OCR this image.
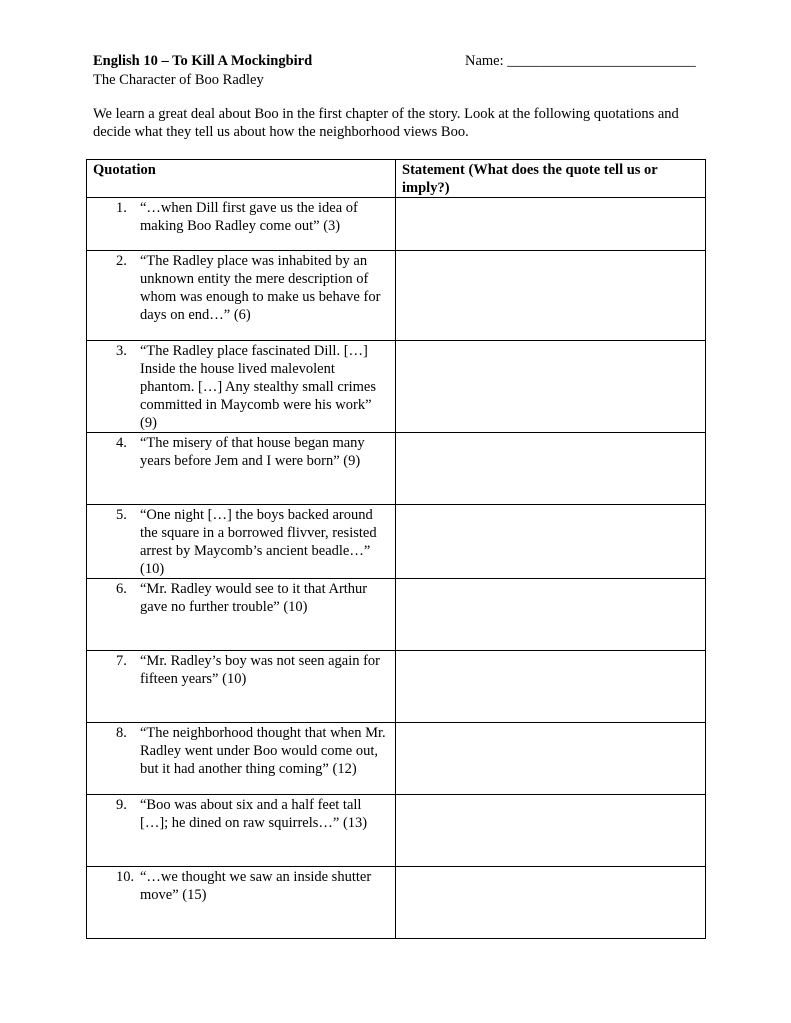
English 10 – To Kill A Mockingbird
The Character of Boo Radley
Name: __________________________
We learn a great deal about Boo in the first chapter of the story. Look at the following quotations and decide what they tell us about how the neighborhood views Boo.
Quotation	Statement (What does the quote tell us or imply?)

1. “…when Dill first gave us the idea of making Boo Radley come out” (3)	

2. “The Radley place was inhabited by an unknown entity the mere description of whom was enough to make us behave for days on end…” (6)	

3. “The Radley place fascinated Dill. […] Inside the house lived malevolent phantom. […] Any stealthy small crimes committed in Maycomb were his work” (9)	

4. “The misery of that house began many years before Jem and I were born” (9)	

5. “One night […] the boys backed around the square in a borrowed flivver, resisted arrest by Maycomb’s ancient beadle…” (10)	

6. “Mr. Radley would see to it that Arthur gave no further trouble” (10)	

7. “Mr. Radley’s boy was not seen again for fifteen years” (10)	

8. “The neighborhood thought that when Mr. Radley went under Boo would come out, but it had another thing coming” (12)	

9. “Boo was about six and a half feet tall […]; he dined on raw squirrels…” (13)	

10. “…we thought we saw an inside shutter move” (15)	
